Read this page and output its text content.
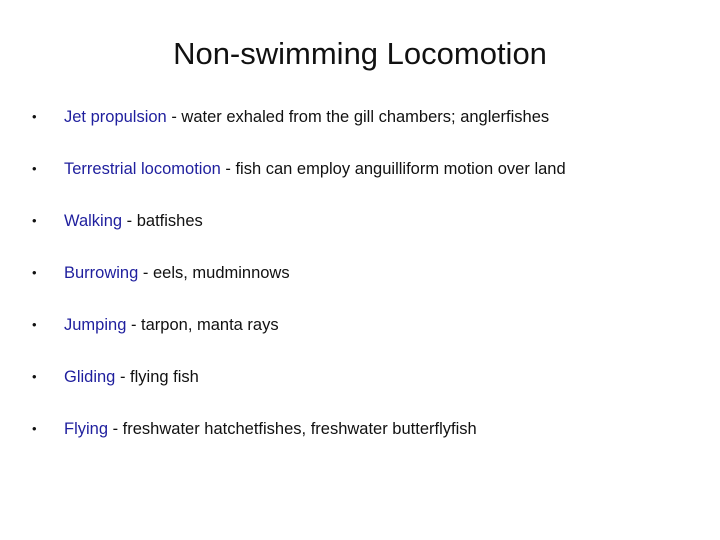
Non-swimming Locomotion
• Jet propulsion - water exhaled from the gill chambers; anglerfishes
• Terrestrial locomotion - fish can employ anguilliform motion over land
• Walking - batfishes
• Burrowing - eels, mudminnows
• Jumping - tarpon, manta rays
• Gliding - flying fish
• Flying - freshwater hatchetfishes, freshwater butterflyfish
